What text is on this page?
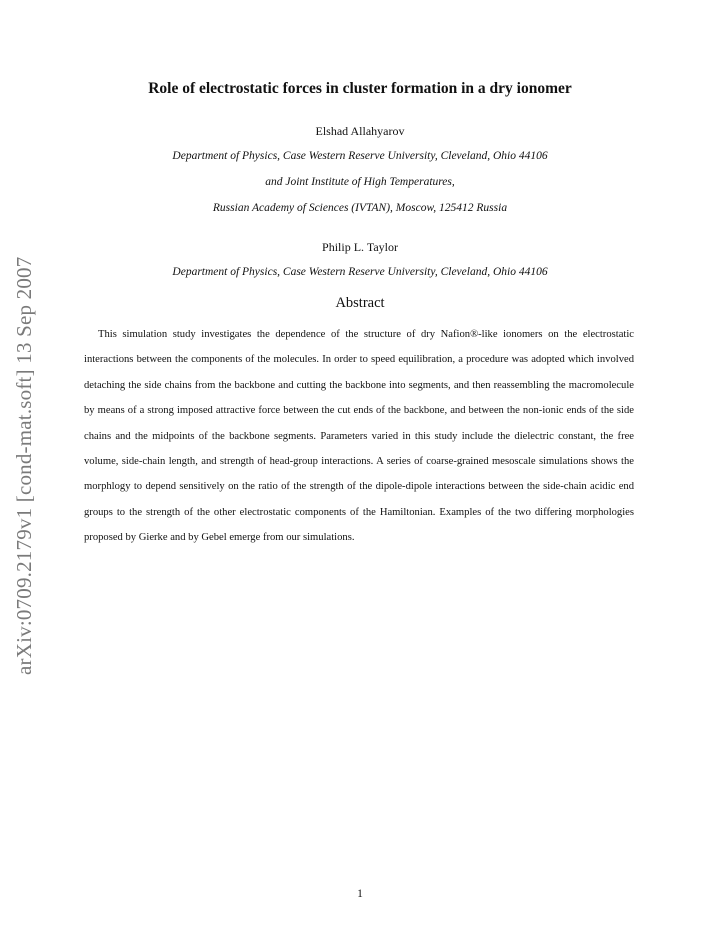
arXiv:0709.2179v1 [cond-mat.soft] 13 Sep 2007
Role of electrostatic forces in cluster formation in a dry ionomer
Elshad Allahyarov
Department of Physics, Case Western Reserve University, Cleveland, Ohio 44106
and Joint Institute of High Temperatures,
Russian Academy of Sciences (IVTAN), Moscow, 125412 Russia
Philip L. Taylor
Department of Physics, Case Western Reserve University, Cleveland, Ohio 44106
Abstract

This simulation study investigates the dependence of the structure of dry Nafion®-like ionomers on the electrostatic interactions between the components of the molecules. In order to speed equilibration, a procedure was adopted which involved detaching the side chains from the backbone and cutting the backbone into segments, and then reassembling the macromolecule by means of a strong imposed attractive force between the cut ends of the backbone, and between the non-ionic ends of the side chains and the midpoints of the backbone segments. Parameters varied in this study include the dielectric constant, the free volume, side-chain length, and strength of head-group interactions. A series of coarse-grained mesoscale simulations shows the morphlogy to depend sensitively on the ratio of the strength of the dipole-dipole interactions between the side-chain acidic end groups to the strength of the other electrostatic components of the Hamiltonian. Examples of the two differing morphologies proposed by Gierke and by Gebel emerge from our simulations.

1
